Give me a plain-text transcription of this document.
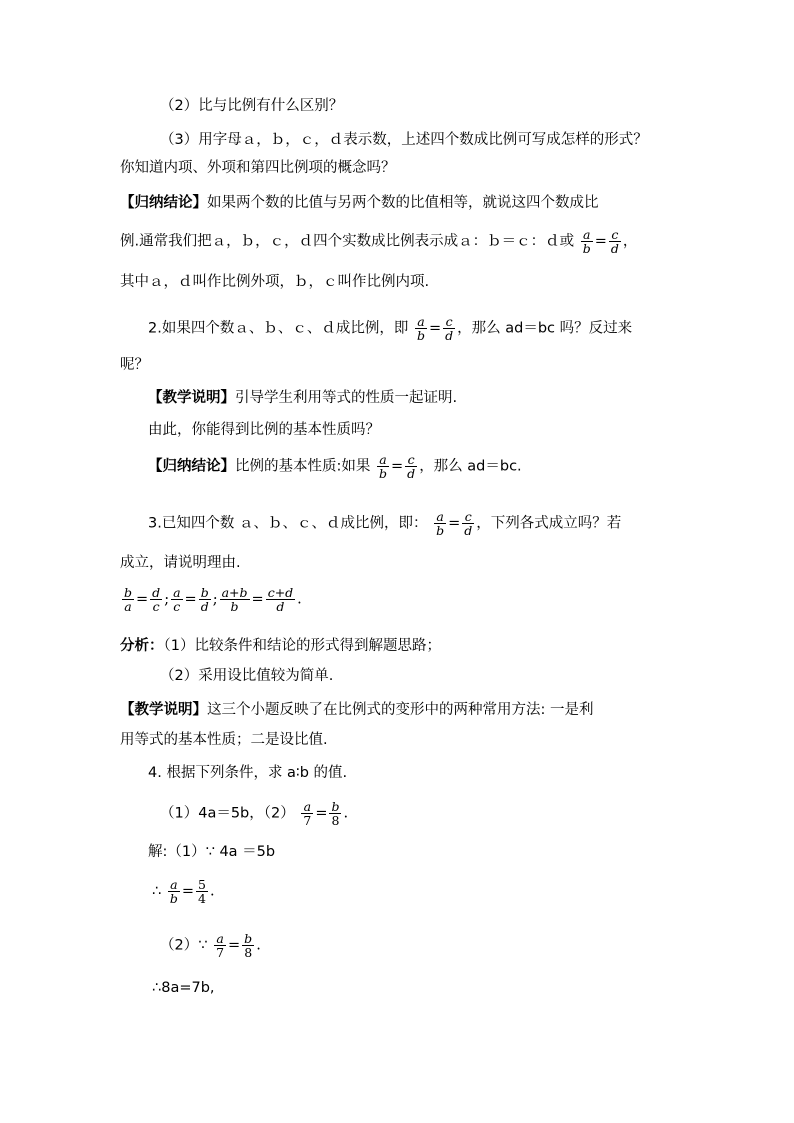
（2）比与比例有什么区别？
（3）用字母ａ，ｂ，ｃ，ｄ表示数，上述四个数成比例可写成怎样的形式？
你知道内项、外项和第四比例项的概念吗？
【归纳结论】如果两个数的比值与另两个数的比值相等，就说这四个数成比
例.通常我们把ａ，ｂ，ｃ，ｄ四个实数成比例表示成ａ：ｂ＝ｃ：ｄ或 $\frac{a}{b} = \frac{c}{d}$ ，
其中ａ，ｄ叫作比例外项，ｂ，ｃ叫作比例内项.
2.如果四个数ａ、ｂ、ｃ、ｄ成比例，即 $\frac{a}{b} = \frac{c}{d}$ ，那么 ad＝bc 吗？反过来
呢？
【教学说明】引导学生利用等式的性质一起证明.
由此，你能得到比例的基本性质吗？
【归纳结论】比例的基本性质:如果 $\frac{a}{b} = \frac{c}{d}$ ，那么 ad＝bc.
3.已知四个数 ａ、ｂ、ｃ、ｄ成比例，即： $\frac{a}{b} = \frac{c}{d}$ ，下列各式成立吗？若
成立，请说明理由.
$\frac{b}{a} = \frac{d}{c}$ ; $\frac{a}{c} = \frac{b}{d}$ ; $\frac{a+b}{b} = \frac{c+d}{d}$ .
分析：（1）比较条件和结论的形式得到解题思路；
（2）采用设比值较为简单.
【教学说明】这三个小题反映了在比例式的变形中的两种常用方法: 一是利
用等式的基本性质；二是设比值.
4. 根据下列条件，求 a∶b 的值.
（1）4a＝5b，$(2) \frac{a}{7} = \frac{b}{8}$ .
解:（1）∵ 4a ＝5b
∴ $\frac{a}{b} = \frac{5}{4}$ .
（2）∵ $\frac{a}{7} = \frac{b}{8}$ .
∴8a=7b,
